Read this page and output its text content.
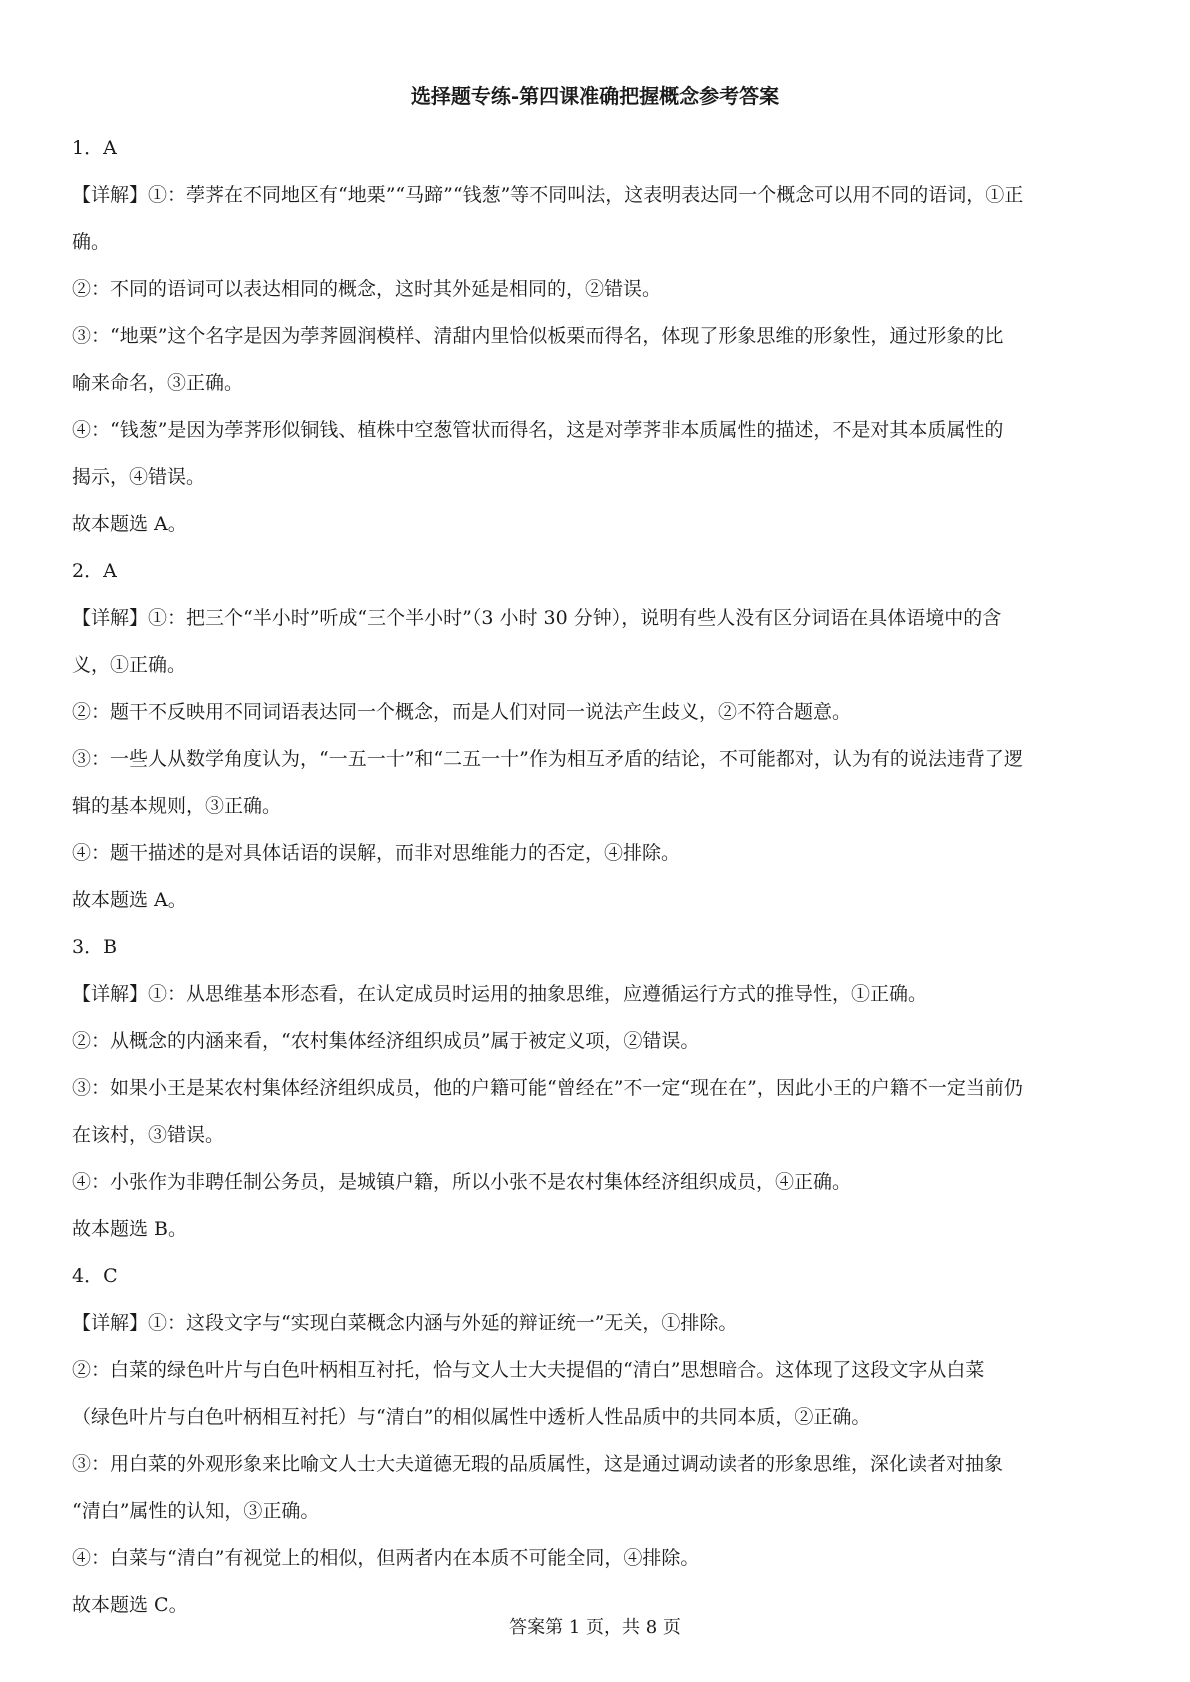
选择题专练-第四课准确把握概念参考答案
1．A
【详解】①：荸荠在不同地区有“地栗”“马蹄”“钱葱”等不同叫法，这表明表达同一个概念可以用不同的语词，①正
确。
②：不同的语词可以表达相同的概念，这时其外延是相同的，②错误。
③：“地栗”这个名字是因为荸荠圆润模样、清甜内里恰似板栗而得名，体现了形象思维的形象性，通过形象的比
喻来命名，③正确。
④：“钱葱”是因为荸荠形似铜钱、植株中空葱管状而得名，这是对荸荠非本质属性的描述，不是对其本质属性的
揭示，④错误。
故本题选 A。
2．A
【详解】①：把三个“半小时”听成“三个半小时”（3 小时 30 分钟），说明有些人没有区分词语在具体语境中的含
义，①正确。
②：题干不反映用不同词语表达同一个概念，而是人们对同一说法产生歧义，②不符合题意。
③：一些人从数学角度认为，“一五一十”和“二五一十”作为相互矛盾的结论，不可能都对，认为有的说法违背了逻
辑的基本规则，③正确。
④：题干描述的是对具体话语的误解，而非对思维能力的否定，④排除。
故本题选 A。
3．B
【详解】①：从思维基本形态看，在认定成员时运用的抽象思维，应遵循运行方式的推导性，①正确。
②：从概念的内涵来看，“农村集体经济组织成员”属于被定义项，②错误。
③：如果小王是某农村集体经济组织成员，他的户籍可能“曾经在”不一定“现在在”，因此小王的户籍不一定当前仍
在该村，③错误。
④：小张作为非聘任制公务员，是城镇户籍，所以小张不是农村集体经济组织成员，④正确。
故本题选 B。
4．C
【详解】①：这段文字与“实现白菜概念内涵与外延的辩证统一”无关，①排除。
②：白菜的绿色叶片与白色叶柄相互衬托，恰与文人士大夫提倡的“清白”思想暗合。这体现了这段文字从白菜
（绿色叶片与白色叶柄相互衬托）与“清白”的相似属性中透析人性品质中的共同本质，②正确。
③：用白菜的外观形象来比喻文人士大夫道德无瑕的品质属性，这是通过调动读者的形象思维，深化读者对抽象
“清白”属性的认知，③正确。
④：白菜与“清白”有视觉上的相似，但两者内在本质不可能全同，④排除。
故本题选 C。
答案第 1 页，共 8 页
